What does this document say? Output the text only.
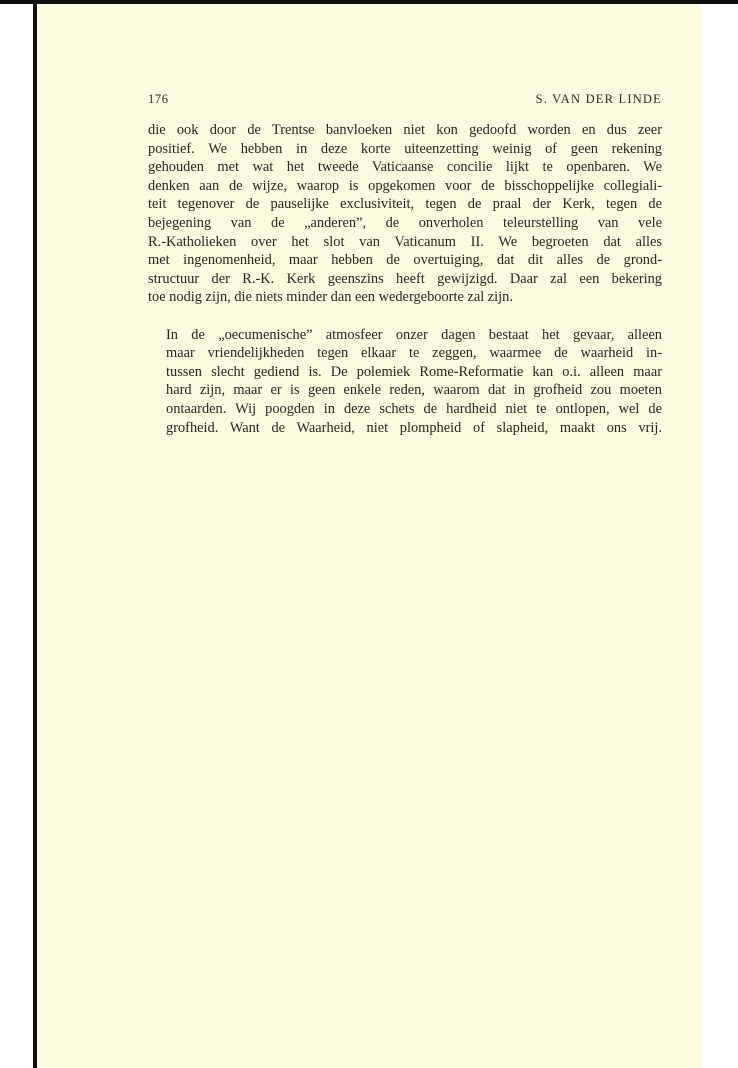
176	S. VAN DER LINDE

die ook door de Trentse banvloeken niet kon gedoofd worden en dus zeer
positief. We hebben in deze korte uiteenzetting weinig of geen rekening
gehouden met wat het tweede Vaticaanse concilie lijkt te openbaren. We
denken aan de wijze, waarop is opgekomen voor de bisschoppelijke collegiali-
teit tegenover de pauselijke exclusiviteit, tegen de praal der Kerk, tegen de
bejegening van de „anderen”, de onverholen teleurstelling van vele
R.-Katholieken over het slot van Vaticanum II. We begroeten dat alles
met ingenomenheid, maar hebben de overtuiging, dat dit alles de grond-
structuur der R.-K. Kerk geenszins heeft gewijzigd. Daar zal een bekering
toe nodig zijn, die niets minder dan een wedergeboorte zal zijn.

In de „oecumenische” atmosfeer onzer dagen bestaat het gevaar, alleen
maar vriendelijkheden tegen elkaar te zeggen, waarmee de waarheid in-
tussen slecht gediend is. De polemiek Rome-Reformatie kan o.i. alleen maar
hard zijn, maar er is geen enkele reden, waarom dat in grofheid zou moeten
ontaarden. Wij poogden in deze schets de hardheid niet te ontlopen, wel de
grofheid. Want de Waarheid, niet plompheid of slapheid, maakt ons vrij.
